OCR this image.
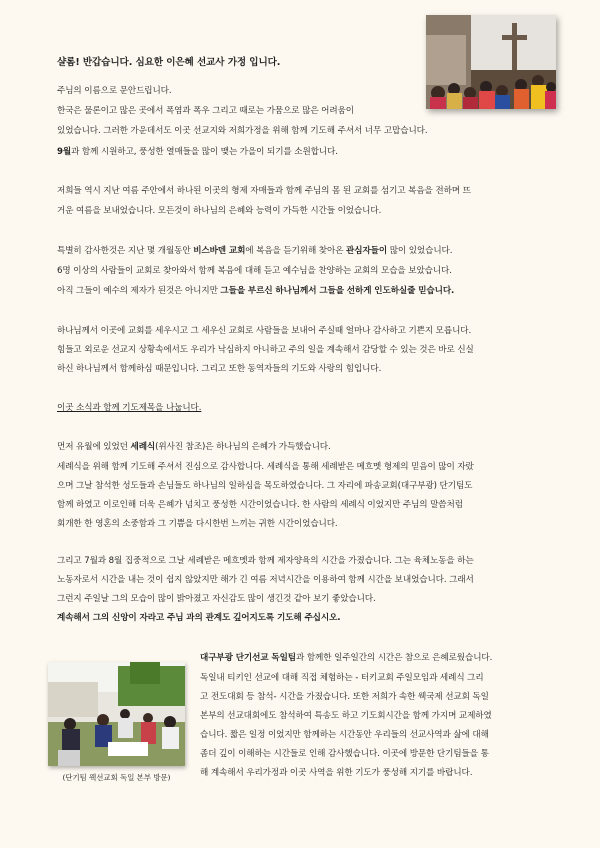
샬롬! 반갑습니다. 심요한 이은혜 선교사 가정 입니다.
주님의 이름으로 문안드립니다.
한국은 물론이고 많은 곳에서 폭염과 폭우 그리고 때로는 가뭄으로 많은 어려움이
있었습니다. 그러한 가운데서도 이곳 선교지와 저희가정을 위해 함께 기도해 주셔서 너무 고맙습니다.
9월과 함께 시원하고, 풍성한 열매들을 많이 맺는 가을이 되기를 소원합니다.
저희들 역시 지난 여름 주안에서 하나된 이곳의 형제 자매들과 함께 주님의 몸 된 교회를 섬기고 복음을 전하며 뜨
거운 여름을 보내었습니다. 모든것이 하나님의 은혜와 능력이 가득한 시간들 이었습니다.
특별히 감사한것은 지난 몇 개월동안 비스바덴 교회에 복음을 듣기위해 찾아온 관심자들이 많이 있었습니다.
6명 이상의 사람들이 교회로 찾아와서 함께 복음에 대해 듣고 예수님을 찬양하는 교회의 모습을 보았습니다.
아직 그들이 예수의 제자가 된것은 아니지만 그들을 부르신 하나님께서 그들을 선하게 인도하실줄 믿습니다.
하나님께서 이곳에 교회를 세우시고 그 세우신 교회로 사람들을 보내어 주실때 얼마나 감사하고 기쁜지 모릅니다.
힘들고 외로운 선교지 상황속에서도 우리가 낙심하지 아니하고 주의 일을 계속해서 감당할 수 있는 것은 바로 신실
하신 하나님께서 함께하심 때문입니다. 그리고 또한 동역자들의 기도와 사랑의 힘입니다.
이곳 소식과 함께 기도제목을 나눕니다.
먼저 유월에 있었던 세례식(위사진 참조)은 하나님의 은혜가 가득했습니다.
세례식을 위해 함께 기도해 주셔서 진심으로 감사합니다. 세례식을 통해 세례받은 메흐멧 형제의 믿음이 많이 자랐
으며 그날 참석한 성도들과 손님들도 하나님의 일하심을 목도하였습니다. 그 자리에 파송교회(대구부광) 단기팀도
함께 하였고 이로인해 더욱 은혜가 넘치고 풍성한 시간이었습니다. 한 사람의 세례식 이었지만 주님의 말씀처럼
회개한 한 영혼의 소중함과 그 기쁨을 다시한번 느끼는 귀한 시간이었습니다.
그리고 7월과 8월 집중적으로 그날 세례받은 메흐멧과 함께 제자양육의 시간을 가졌습니다. 그는 육체노동을 하는
노동자로서 시간을 내는 것이 쉽지 않았지만 해가 긴 여름 저녁시간을 이용하여 함께 시간을 보내었습니다. 그래서
그런지 주일날 그의 모습이 많이 밝아졌고 자신감도 많이 생긴것 같아 보기 좋았습니다.
계속해서 그의 신앙이 자라고 주님 과의 관계도 깊어지도록 기도해 주십시오.
대구부광 단기선교 독일팀과 함께한 일주일간의 시간은 참으로 은혜로웠습니다.
독일내 티키인 선교에 대해 직접 체험하는 - 터키교회 주일모임과 세례식 그리
고 전도대회 등 참석- 시간을 가졌습니다. 또한 저희가 속한 웩국제 선교회 독일
본부의 선교대회에도 참석하여 특송도 하고 기도회시간을 함께 가지며 교제하였
습니다. 짧은 일정 이었지만 함께하는 시간동안 우리들의 선교사역과 삶에 대해
좀더 깊이 이해하는 시간들로 인해 감사했습니다. 이곳에 방문한 단기팀들을 통
해 계속해서 우리가정과 이곳 사역을 위한 기도가 풍성해 지기를 바랍니다.
(단기팀 웩선교회 독일 본부 방문)
